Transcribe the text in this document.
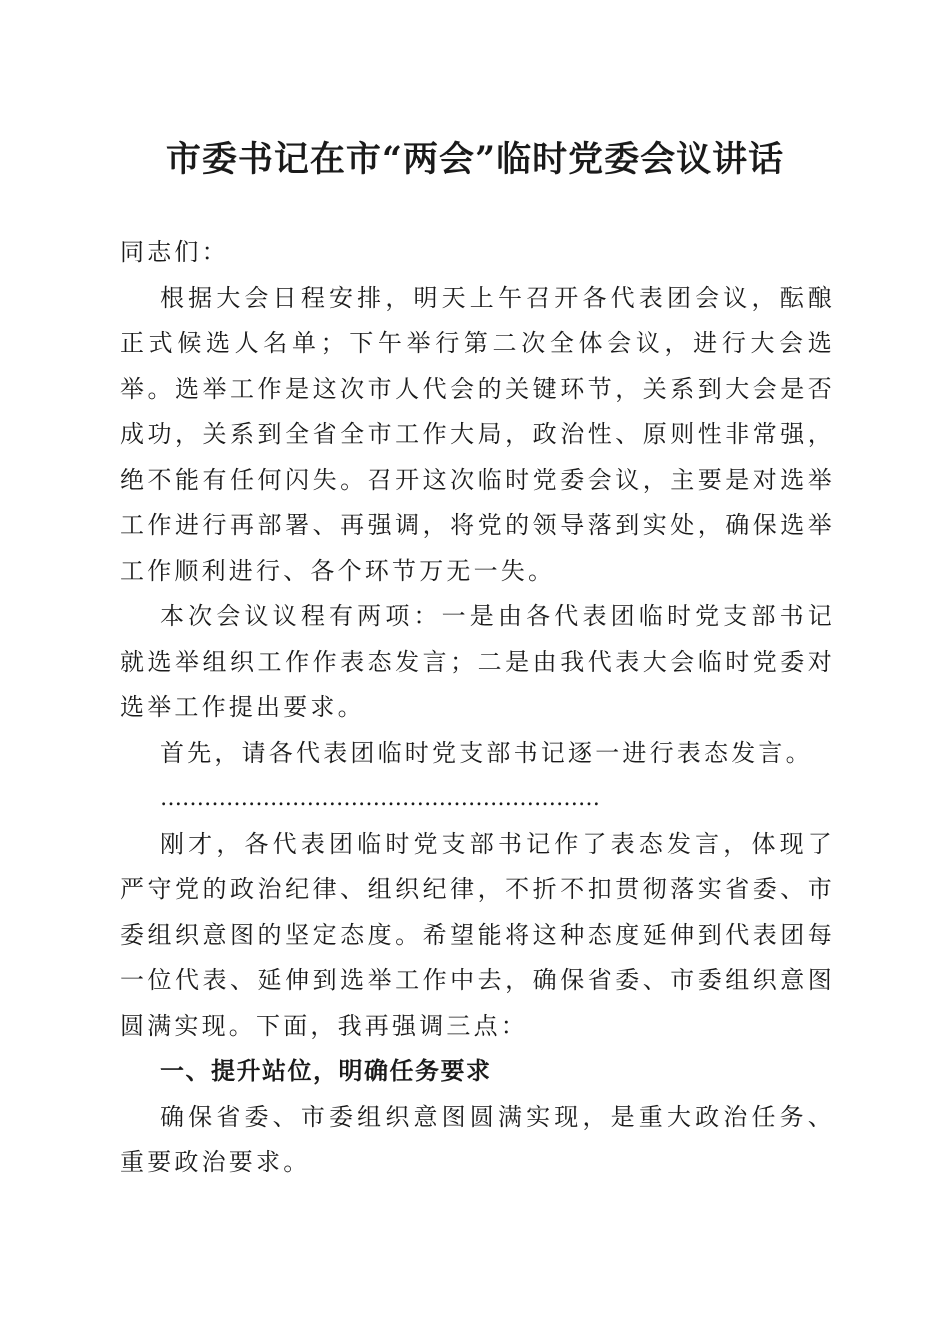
市委书记在市“两会”临时党委会议讲话

同志们：

根据大会日程安排，明天上午召开各代表团会议，酝酿正式候选人名单；下午举行第二次全体会议，进行大会选举。选举工作是这次市人代会的关键环节，关系到大会是否成功，关系到全省全市工作大局，政治性、原则性非常强，绝不能有任何闪失。召开这次临时党委会议，主要是对选举工作进行再部署、再强调，将党的领导落到实处，确保选举工作顺利进行、各个环节万无一失。

本次会议议程有两项：一是由各代表团临时党支部书记就选举组织工作作表态发言；二是由我代表大会临时党委对选举工作提出要求。

首先，请各代表团临时党支部书记逐一进行表态发言。

……………………………………………………

刚才，各代表团临时党支部书记作了表态发言，体现了严守党的政治纪律、组织纪律，不折不扣贯彻落实省委、市委组织意图的坚定态度。希望能将这种态度延伸到代表团每一位代表、延伸到选举工作中去，确保省委、市委组织意图圆满实现。下面，我再强调三点：

一、提升站位，明确任务要求

确保省委、市委组织意图圆满实现，是重大政治任务、重要政治要求。
